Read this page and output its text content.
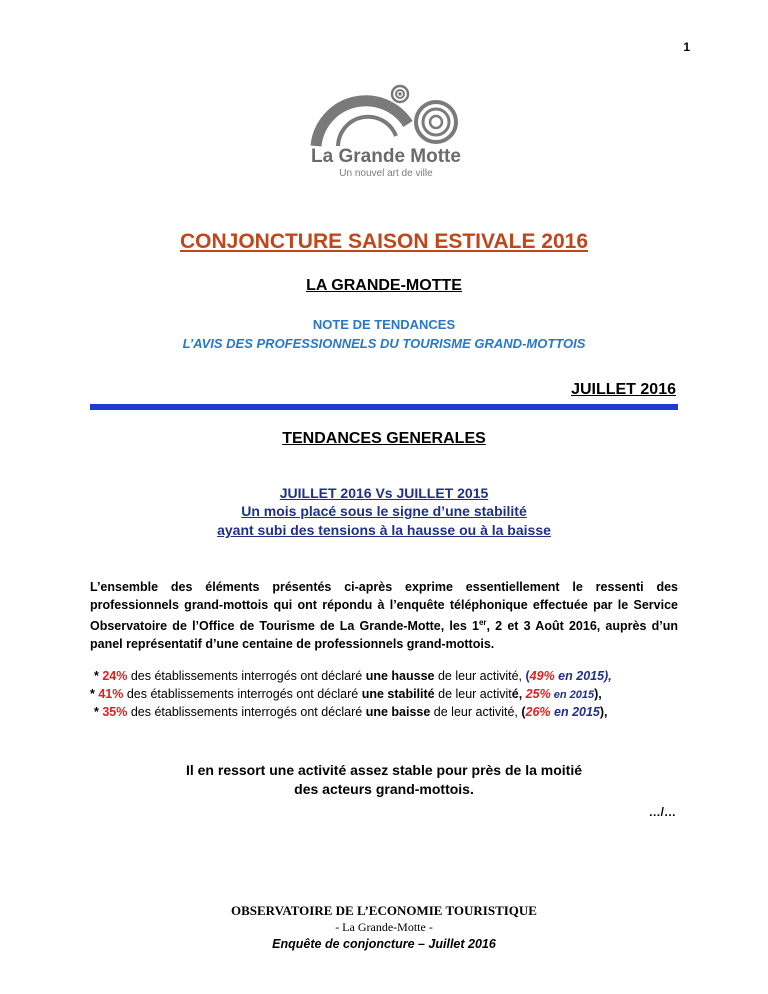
1
La Grande Motte
Un nouvel art de ville
CONJONCTURE SAISON ESTIVALE 2016
LA GRANDE-MOTTE
NOTE DE TENDANCES
L’AVIS DES PROFESSIONNELS DU TOURISME GRAND-MOTTOIS
JUILLET 2016
TENDANCES GENERALES
JUILLET 2016 Vs JUILLET 2015
Un mois placé sous le signe d’une stabilité
ayant subi des tensions à la hausse ou à la baisse
L’ensemble des éléments présentés ci-après exprime essentiellement le ressenti des professionnels grand-mottois qui ont répondu à l’enquête téléphonique effectuée par le Service Observatoire de l’Office de Tourisme de La Grande-Motte, les 1er, 2 et 3 Août 2016, auprès d’un panel représentatif d’une centaine de professionnels grand-mottois.
* 24% des établissements interrogés ont déclaré une hausse de leur activité, (49% en 2015),
* 41% des établissements interrogés ont déclaré une stabilité de leur activité, 25% en 2015),
* 35% des établissements interrogés ont déclaré une baisse de leur activité, (26% en 2015),
Il en ressort une activité assez stable pour près de la moitié
des acteurs grand-mottois.
…/…
OBSERVATOIRE DE L’ECONOMIE TOURISTIQUE
- La Grande-Motte -
Enquête de conjoncture – Juillet 2016
